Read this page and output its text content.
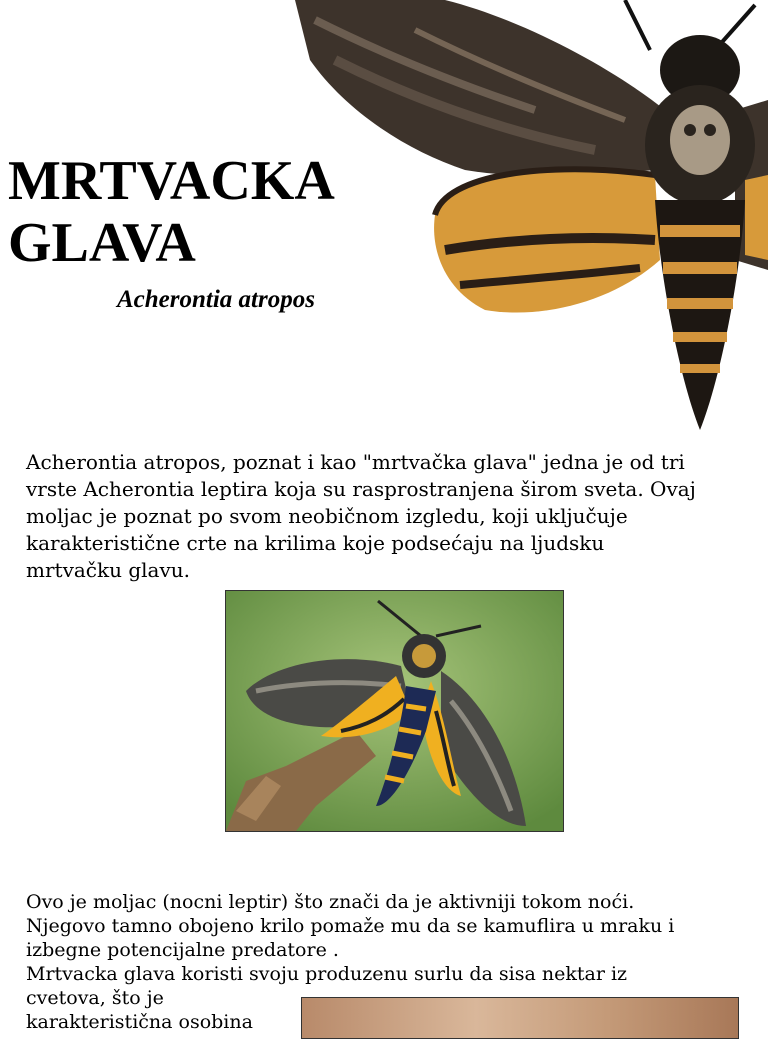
MRTVACKA
GLAVA
Acherontia atropos
Acherontia atropos, poznat i kao "mrtvačka glava" jedna je od tri
vrste Acherontia leptira koja su rasprostranjena širom sveta. Ovaj
moljac je poznat po svom neobičnom izgledu, koji uključuje
karakteristične crte na krilima koje podsećaju na ljudsku
mrtvačku glavu.
Ovo je moljac (nocni leptir) što znači da je aktivniji tokom noći.
Njegovo tamno obojeno krilo pomaže mu da se kamuflira u mraku i
izbegne potencijalne predatore .
Mrtvacka glava koristi svoju produzenu surlu da sisa nektar iz
cvetova, što je
karakteristična osobina
